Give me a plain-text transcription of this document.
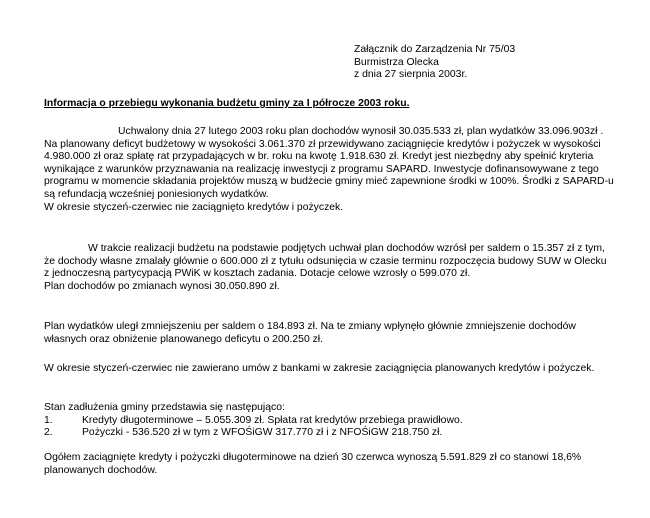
Załącznik do Zarządzenia Nr 75/03
Burmistrza Olecka
z dnia 27 sierpnia 2003r.
Informacja o przebiegu wykonania budżetu gminy za I półrocze 2003 roku.

Uchwalony dnia 27 lutego 2003 roku plan dochodów wynosił 30.035.533 zł, plan wydatków 33.096.903zł . Na planowany deficyt budżetowy w wysokości 3.061.370 zł przewidywano zaciągnięcie kredytów i pożyczek w wysokości 4.980.000 zł oraz spłatę rat przypadających w br. roku na kwotę 1.918.630 zł. Kredyt jest niezbędny aby spełnić kryteria wynikające z warunków przyznawania na realizację inwestycji z programu SAPARD. Inwestycje dofinansowywane z tego programu w momencie składania projektów muszą w budżecie gminy mieć zapewnione środki w 100%. Środki z SAPARD-u są refundacją wcześniej poniesionych wydatków.

W okresie styczeń-czerwiec nie zaciągnięto kredytów i pożyczek.

W trakcie realizacji budżetu na podstawie podjętych uchwał plan dochodów wzrósł per saldem o 15.357 zł z tym, że dochody własne zmalały głównie o 600.000 zł z tytułu odsunięcia w czasie terminu rozpoczęcia budowy SUW w Olecku z jednoczesną partycypacją PWiK w kosztach zadania. Dotacje celowe wzrosły o 599.070 zł.

Plan dochodów po zmianach wynosi 30.050.890 zł.

Plan wydatków uległ zmniejszeniu per saldem o 184.893 zł. Na te zmiany wpłynęło głównie zmniejszenie dochodów własnych oraz obniżenie planowanego deficytu o 200.250 zł.

W okresie styczeń-czerwiec nie zawierano umów z bankami w zakresie zaciągnięcia planowanych kredytów i pożyczek.

Stan zadłużenia gminy przedstawia się następująco:

1.	Kredyty długoterminowe – 5.055.309 zł. Spłata rat kredytów przebiega prawidłowo.
2.	Pożyczki - 536.520 zł w tym z WFOŚiGW 317.770 zł i z NFOŚiGW 218.750 zł.

Ogółem zaciągnięte kredyty i pożyczki długoterminowe na dzień 30 czerwca wynoszą 5.591.829 zł co stanowi 18,6% planowanych dochodów.
